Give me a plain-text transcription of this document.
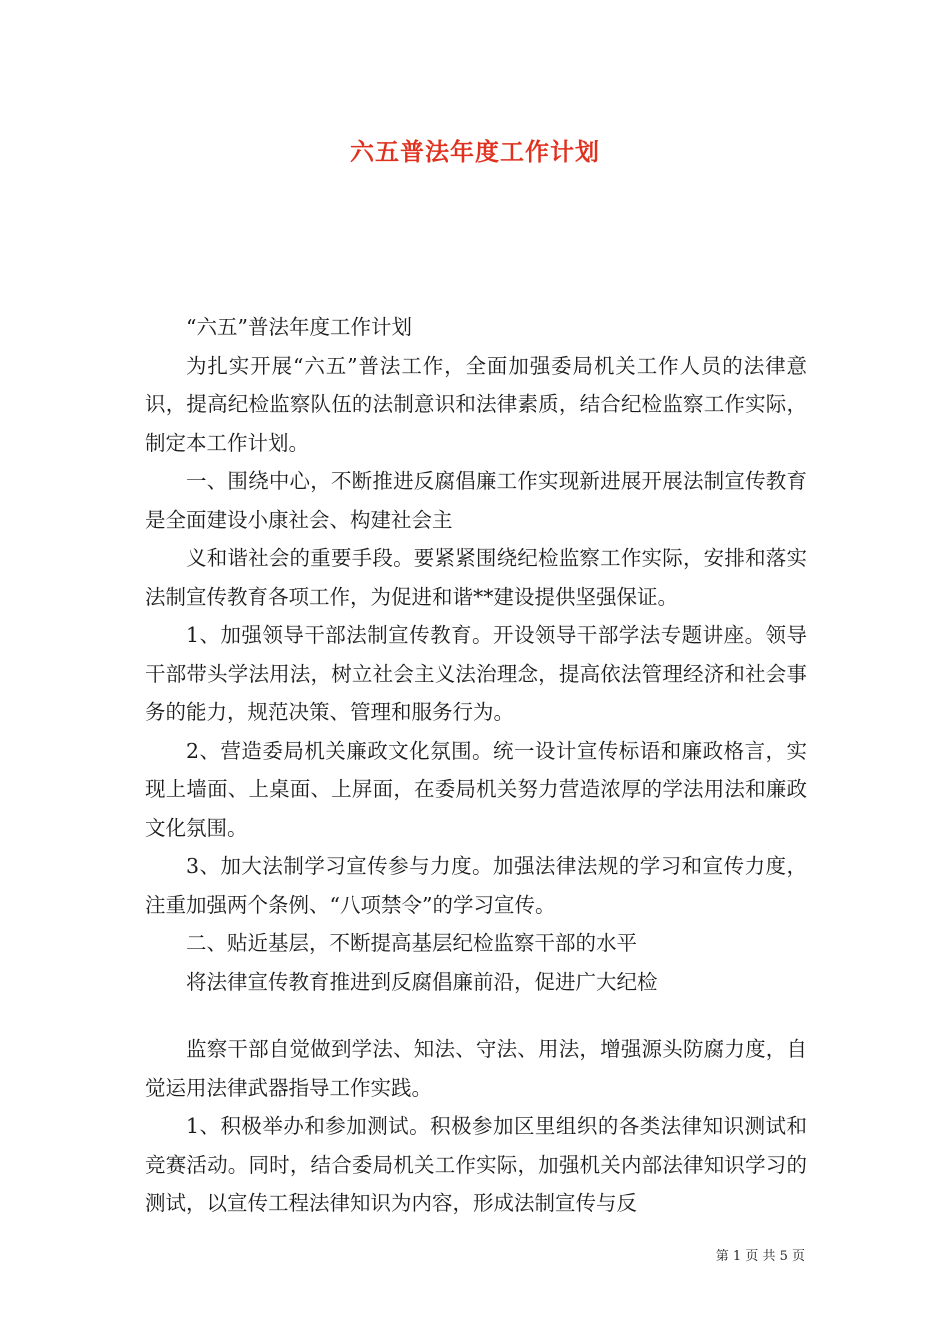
六五普法年度工作计划

“六五”普法年度工作计划

为扎实开展“六五”普法工作，全面加强委局机关工作人员的法律意识，提高纪检监察队伍的法制意识和法律素质，结合纪检监察工作实际，制定本工作计划。

一、围绕中心，不断推进反腐倡廉工作实现新进展开展法制宣传教育是全面建设小康社会、构建社会主

义和谐社会的重要手段。要紧紧围绕纪检监察工作实际，安排和落实法制宣传教育各项工作，为促进和谐**建设提供坚强保证。

1、加强领导干部法制宣传教育。开设领导干部学法专题讲座。领导干部带头学法用法，树立社会主义法治理念，提高依法管理经济和社会事务的能力，规范决策、管理和服务行为。

2、营造委局机关廉政文化氛围。统一设计宣传标语和廉政格言，实现上墙面、上桌面、上屏面，在委局机关努力营造浓厚的学法用法和廉政文化氛围。

3、加大法制学习宣传参与力度。加强法律法规的学习和宣传力度，注重加强两个条例、“八项禁令”的学习宣传。

二、贴近基层，不断提高基层纪检监察干部的水平

将法律宣传教育推进到反腐倡廉前沿，促进广大纪检

监察干部自觉做到学法、知法、守法、用法，增强源头防腐力度，自觉运用法律武器指导工作实践。

1、积极举办和参加测试。积极参加区里组织的各类法律知识测试和竞赛活动。同时，结合委局机关工作实际，加强机关内部法律知识学习的测试，以宣传工程法律知识为内容，形成法制宣传与反

第 1 页 共 5 页
